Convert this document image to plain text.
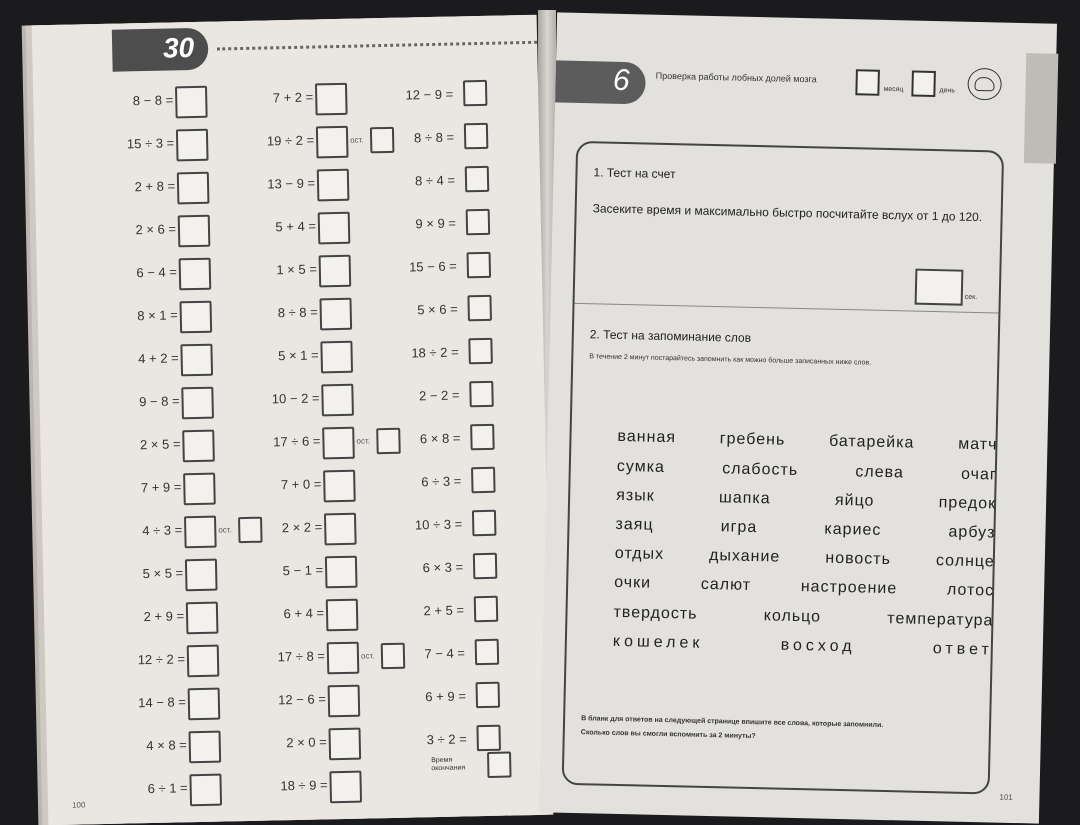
30
8 − 8 =
15 ÷ 3 =
2 + 8 =
2 × 6 =
6 − 4 =
8 × 1 =
4 + 2 =
9 − 8 =
2 × 5 =
7 + 9 =
4 ÷ 3 =	ост.
5 × 5 =
2 + 9 =
12 ÷ 2 =
14 − 8 =
4 × 8 =
6 ÷ 1 =
7 + 2 =
19 ÷ 2 =	ост.
13 − 9 =
5 + 4 =
1 × 5 =
8 ÷ 8 =
5 × 1 =
10 − 2 =
17 ÷ 6 =	ост.
7 + 0 =
2 × 2 =
5 − 1 =
6 + 4 =
17 ÷ 8 =	ост.
12 − 6 =
2 × 0 =
18 ÷ 9 =
12 − 9 =
8 ÷ 8 =
8 ÷ 4 =
9 × 9 =
15 − 6 =
5 × 6 =
18 ÷ 2 =
2 − 2 =
6 × 8 =
6 ÷ 3 =
10 ÷ 3 =
6 × 3 =
2 + 5 =
7 − 4 =
6 + 9 =
3 ÷ 2 =
Время окончания
100
6	Проверка работы лобных долей мозга
месяц	день
1. Тест на счет
Засеките время и максимально быстро посчитайте вслух от 1 до 120.
сек.
2. Тест на запоминание слов
В течение 2 минут постарайтесь запомнить как можно больше записанных ниже слов.
ванная	гребень	батарейка	матч
сумка	слабость	слева	очаг
язык	шапка	яйцо	предок
заяц	игра	кариес	арбуз
отдых	дыхание	новость	солнце
очки	салют	настроение	лотос
твердость	кольцо	температура
кошелек	восход	ответ
В бланк для ответов на следующей странице впишите все слова, которые запомнили.
Сколько слов вы смогли вспомнить за 2 минуты?
101
